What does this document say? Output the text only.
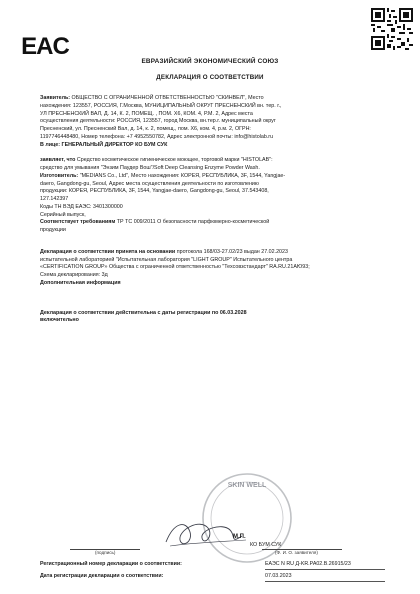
EAC
ЕВРАЗИЙСКИЙ ЭКОНОМИЧЕСКИЙ СОЮЗ
ДЕКЛАРАЦИЯ О СООТВЕТСТВИИ

Заявитель: ОБЩЕСТВО С ОГРАНИЧЕННОЙ ОТВЕТСТВЕННОСТЬЮ "СКИНВЕЛ", Место

нахождения: 123557, РОССИЯ, Г.Москва, МУНИЦИПАЛЬНЫЙ ОКРУГ ПРЕСНЕНСКИЙ вн. тер. г.,

УЛ ПРЕСНЕНСКИЙ ВАЛ, Д. 14, К. 2, ПОМЕЩ. , ПОМ. Х6, КОМ. 4, Р.М. 2, Адрес места

осуществления деятельности: РОССИЯ, 123557, город Москва, вн.тер.г. муниципальный округ

Пресненский, ул. Пресненский Вал, д. 14, к. 2, помещ., пом. Х6, ком. 4, р.м. 2, ОГРН:

1197746448480, Номер телефона: +7 4952550782, Адрес электронной почты: info@histolab.ru

В лице: ГЕНЕРАЛЬНЫЙ ДИРЕКТОР КО БУМ СУК

заявляет, что Средство косметическое гигиеническое моющее, торговой марки "HISTOLAB":

средство для умывания "Энзим Паудер Вош"/Soft Deep Cleansing Enzyme Powder Wash.

Изготовитель: "MEDIANS Co., Ltd", Место нахождения: КОРЕЯ, РЕСПУБЛИКА, 3F, 1544, Yangjae-

daero, Gangdong-gu, Seoul, Адрес места осуществления деятельности по изготовлению

продукции: КОРЕЯ, РЕСПУБЛИКА, 3F, 1544, Yangjae-daero, Gangdong-gu, Seoul, 37.543408,

127.142397

Коды ТН ВЭД ЕАЭС: 3401300000

Серийный выпуск,

Соответствует требованиям ТР ТС 009/2011 О безопасности парфюмерно-косметической

продукции

Декларация о соответствии принята на основании протокола 168/03-27.02/23 выдан 27.02.2023

испытательной лабораторией "Испытательная лаборатория "LIGHT GROUP" Испытательного центра

«CERTIFICATION GROUP» Общества с ограниченной ответственностью "Техсовзстандарт" RA.RU.21АЮ93;

Схема декларирования: 3д

Дополнительная информация

Декларация о соответствии действительна с даты регистрации по 06.03.2028

включительно

SKIN WELL
М.П.
КО БУМ СУК
(подпись)	(Ф. И. О. заявителя)
Регистрационный номер декларации о соответствии:	ЕАЭС N RU Д-KR.РА02.В.26915/23
Дата регистрации декларации о соответствии:	07.03.2023
